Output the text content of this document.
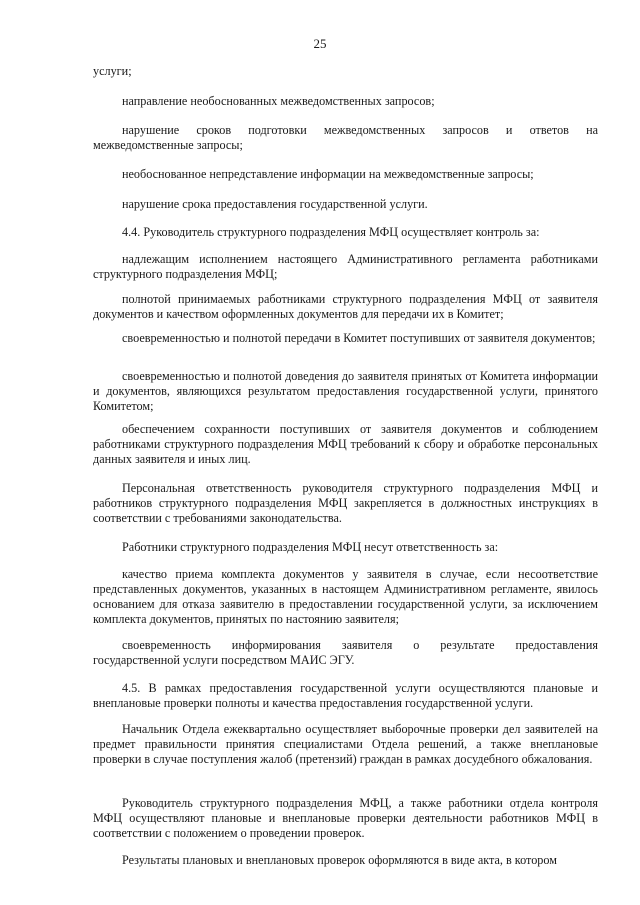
25

услуги;

направление необоснованных межведомственных запросов;

нарушение сроков подготовки межведомственных запросов и ответов на межведомственные запросы;

необоснованное непредставление информации на межведомственные запросы;

нарушение срока предоставления государственной услуги.

4.4. Руководитель структурного подразделения МФЦ осуществляет контроль за:

надлежащим исполнением настоящего Административного регламента работниками структурного подразделения МФЦ;

полнотой принимаемых работниками структурного подразделения МФЦ от заявителя документов и качеством оформленных документов для передачи их в Комитет;

своевременностью и полнотой передачи в Комитет поступивших от заявителя документов;

своевременностью и полнотой доведения до заявителя принятых от Комитета информации и документов, являющихся результатом предоставления государственной услуги, принятого Комитетом;

обеспечением сохранности поступивших от заявителя документов и соблюдением работниками структурного подразделения МФЦ требований к сбору и обработке персональных данных заявителя и иных лиц.

Персональная ответственность руководителя структурного подразделения МФЦ и работников структурного подразделения МФЦ закрепляется в должностных инструкциях в соответствии с требованиями законодательства.

Работники структурного подразделения МФЦ несут ответственность за:

качество приема комплекта документов у заявителя в случае, если несоответствие представленных документов, указанных в настоящем Административном регламенте, явилось основанием для отказа заявителю в предоставлении государственной услуги, за исключением комплекта документов, принятых по настоянию заявителя;

своевременность информирования заявителя о результате предоставления государственной услуги посредством МАИС ЭГУ.

4.5. В рамках предоставления государственной услуги осуществляются плановые и внеплановые проверки полноты и качества предоставления государственной услуги.

Начальник Отдела ежеквартально осуществляет выборочные проверки дел заявителей на предмет правильности принятия специалистами Отдела решений, а также внеплановые проверки в случае поступления жалоб (претензий) граждан в рамках досудебного обжалования.

Руководитель структурного подразделения МФЦ, а также работники отдела контроля МФЦ осуществляют плановые и внеплановые проверки деятельности работников МФЦ в соответствии с положением о проведении проверок.

Результаты плановых и внеплановых проверок оформляются в виде акта, в котором
